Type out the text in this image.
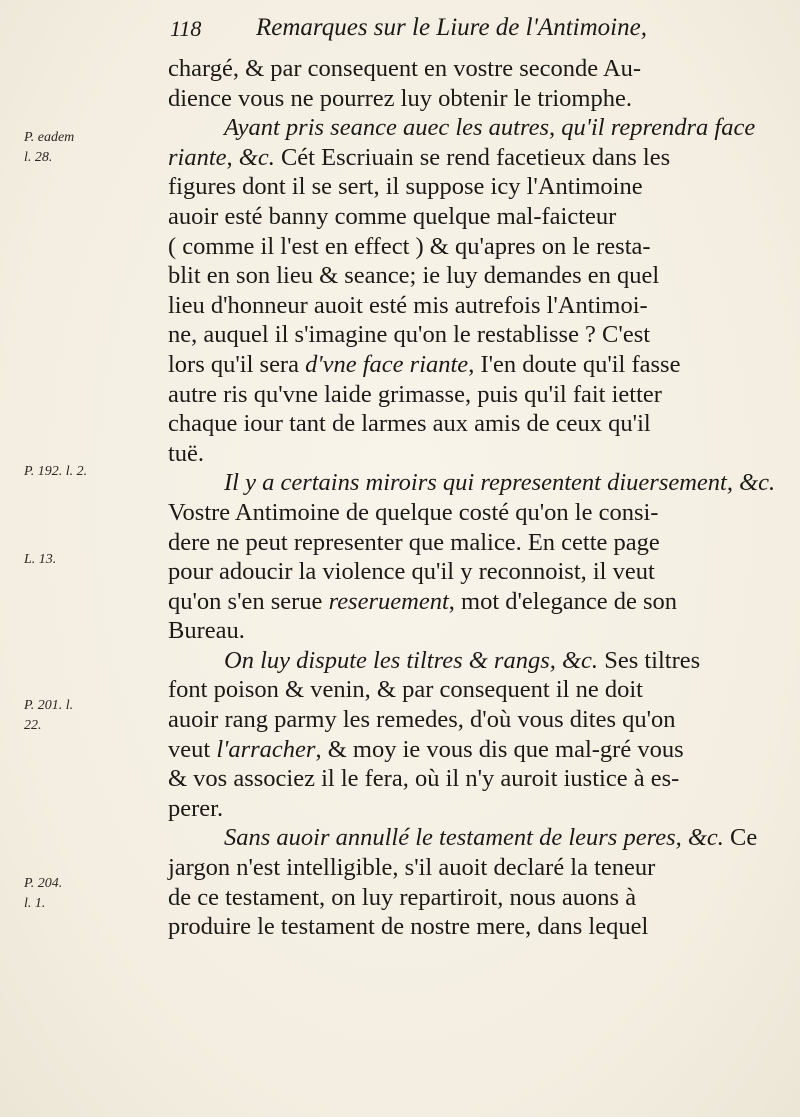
118 Remarques sur le Liure de l'Antimoine,
P. eadem
l. 28.
P. 192. l. 2.
L. 13.
P. 201. l.
22.
P. 204.
l. 1.
chargé, & par consequent en vostre seconde Au-
dience vous ne pourrez luy obtenir le triomphe.
Ayant pris seance auec les autres, qu'il reprendra face
riante, &c. Cét Escriuain se rend facetieux dans les
figures dont il se sert, il suppose icy l'Antimoine
auoir esté banny comme quelque mal-faicteur
( comme il l'est en effect ) & qu'apres on le resta-
blit en son lieu & seance; ie luy demandes en quel
lieu d'honneur auoit esté mis autrefois l'Antimoi-
ne, auquel il s'imagine qu'on le restablisse ? C'est
lors qu'il sera d'vne face riante, I'en doute qu'il fasse
autre ris qu'vne laide grimasse, puis qu'il fait ietter
chaque iour tant de larmes aux amis de ceux qu'il
tuë.
Il y a certains miroirs qui representent diuersement, &c.
Vostre Antimoine de quelque costé qu'on le consi-
dere ne peut representer que malice. En cette page
pour adoucir la violence qu'il y reconnoist, il veut
qu'on s'en serue reseruement, mot d'elegance de son
Bureau.
On luy dispute les tiltres & rangs, &c. Ses tiltres
font poison & venin, & par consequent il ne doit
auoir rang parmy les remedes, d'où vous dites qu'on
veut l'arracher, & moy ie vous dis que mal-gré vous
& vos associez il le fera, où il n'y auroit iustice à es-
perer.
Sans auoir annullé le testament de leurs peres, &c. Ce
jargon n'est intelligible, s'il auoit declaré la teneur
de ce testament, on luy repartiroit, nous auons à
produire le testament de nostre mere, dans lequel
